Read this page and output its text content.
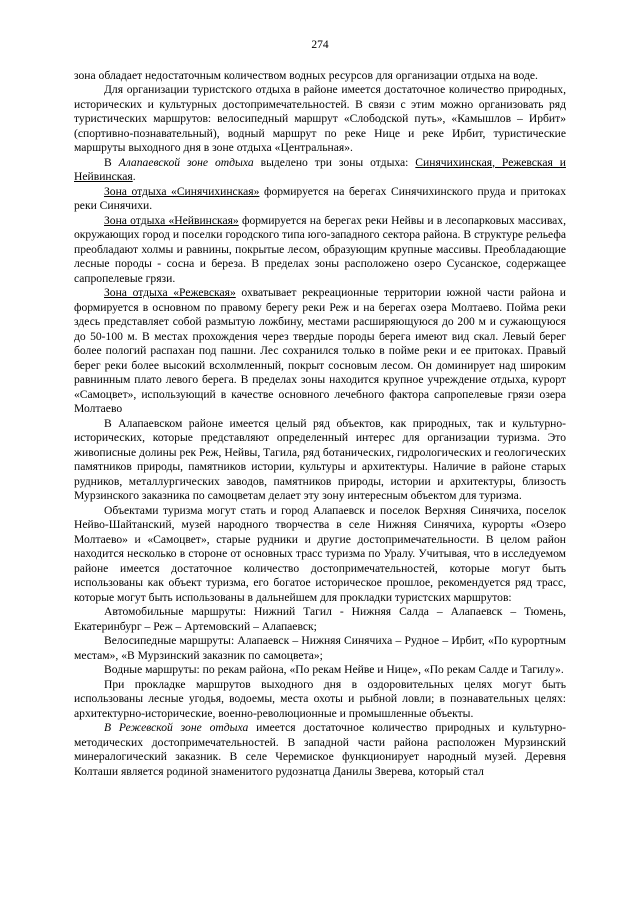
274

зона обладает недостаточным количеством водных ресурсов для организации отдыха на воде.

Для организации туристского отдыха в районе имеется достаточное количество природных, исторических и культурных достопримечательностей. В связи с этим можно организовать ряд туристических маршрутов: велосипедный маршрут «Слободской путь», «Камышлов – Ирбит» (спортивно-познавательный), водный маршрут по реке Нице и реке Ирбит, туристические маршруты выходного дня в зоне отдыха «Центральная».

В Алапаевской зоне отдыха выделено три зоны отдыха: Синячихинская, Режевская и Нейвинская.

Зона отдыха «Синячихинская» формируется на берегах Синячихинского пруда и притоках реки Синячихи.

Зона отдыха «Нейвинская» формируется на берегах реки Нейвы и в лесопарковых массивах, окружающих город и поселки городского типа юго-западного сектора района. В структуре рельефа преобладают холмы и равнины, покрытые лесом, образующим крупные массивы. Преобладающие лесные породы - сосна и береза. В пределах зоны расположено озеро Сусанское, содержащее сапропелевые грязи.

Зона отдыха «Режевская» охватывает рекреационные территории южной части района и формируется в основном по правому берегу реки Реж и на берегах озера Молтаево. Пойма реки здесь представляет собой размытую ложбину, местами расширяющуюся до 200 м и сужающуюся до 50-100 м. В местах прохождения через твердые породы берега имеют вид скал. Левый берег более пологий распахан под пашни. Лес сохранился только в пойме реки и ее притоках. Правый берег реки более высокий всхолмленный, покрыт сосновым лесом. Он доминирует над широким равнинным плато левого берега. В пределах зоны находится крупное учреждение отдыха, курорт «Самоцвет», использующий в качестве основного лечебного фактора сапропелевые грязи озера Молтаево

В Алапаевском районе имеется целый ряд объектов, как природных, так и культурно-исторических, которые представляют определенный интерес для организации туризма. Это живописные долины рек Реж, Нейвы, Тагила, ряд ботанических, гидрологических и геологических памятников природы, памятников истории, культуры и архитектуры. Наличие в районе старых рудников, металлургических заводов, памятников природы, истории и архитектуры, близость Мурзинского заказника по самоцветам делает эту зону интересным объектом для туризма.

Объектами туризма могут стать и город Алапаевск и поселок Верхняя Синячиха, поселок Нейво-Шайтанский, музей народного творчества в селе Нижняя Синячиха, курорты «Озеро Молтаево» и «Самоцвет», старые рудники и другие достопримечательности. В целом район находится несколько в стороне от основных трасс туризма по Уралу. Учитывая, что в исследуемом районе имеется достаточное количество достопримечательностей, которые могут быть использованы как объект туризма, его богатое историческое прошлое, рекомендуется ряд трасс, которые могут быть использованы в дальнейшем для прокладки туристских маршрутов:

Автомобильные маршруты: Нижний Тагил - Нижняя Салда – Алапаевск – Тюмень, Екатеринбург – Реж – Артемовский – Алапаевск;

Велосипедные маршруты: Алапаевск – Нижняя Синячиха – Рудное – Ирбит, «По курортным местам», «В Мурзинский заказник по самоцвета»;

Водные маршруты: по рекам района, «По рекам Нейве и Нице», «По рекам Салде и Тагилу».

При прокладке маршрутов выходного дня в оздоровительных целях могут быть использованы лесные угодья, водоемы, места охоты и рыбной ловли; в познавательных целях: архитектурно-исторические, военно-революционные и промышленные объекты.

В Режевской зоне отдыха имеется достаточное количество природных и культурно-методических достопримечательностей. В западной части района расположен Мурзинский минералогический заказник. В селе Черемиское функционирует народный музей. Деревня Колташи является родиной знаменитого рудознатца Данилы Зверева, который стал
